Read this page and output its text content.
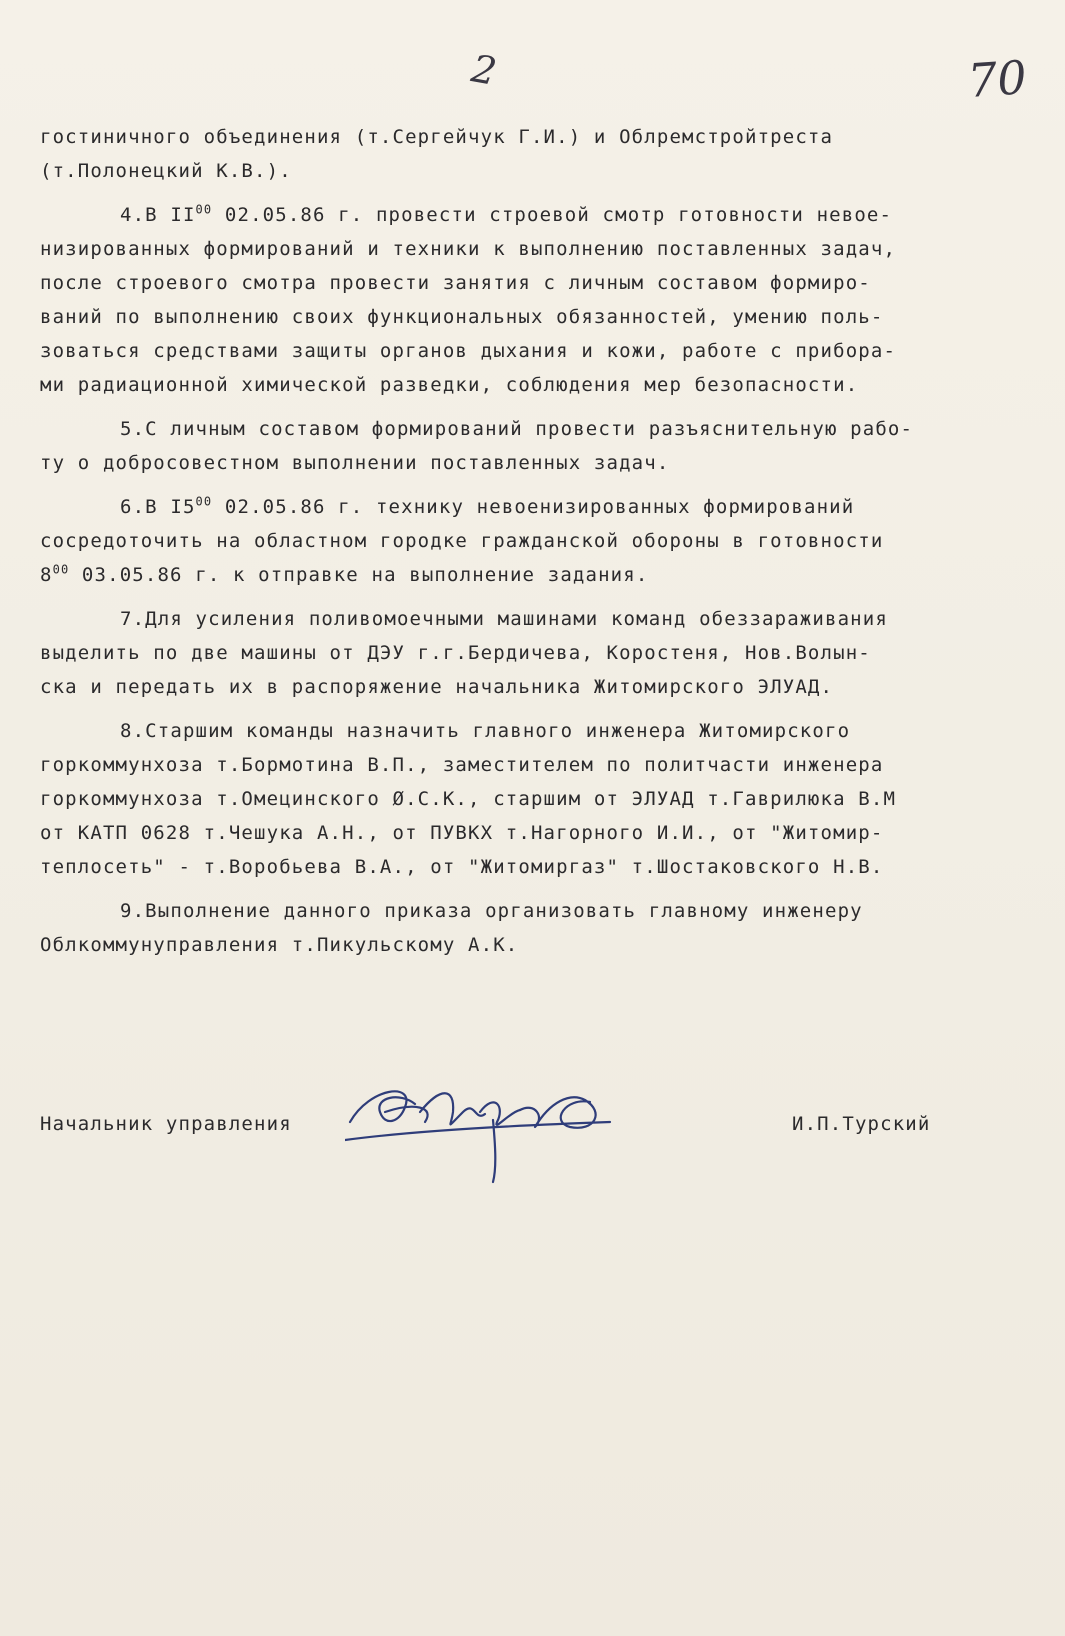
2	70
гостиничного объединения (т.Сергейчук Г.И.) и Облремстройтреста
(т.Полонецкий К.В.).
4.В II$^{00}$ 02.05.86 г. провести строевой смотр готовности невое-
низированных формирований и техники к выполнению поставленных задач,
после строевого смотра провести занятия с личным составом формиро-
ваний по выполнению своих функциональных обязанностей, умению поль-
зоваться средствами защиты органов дыхания и кожи, работе с прибора-
ми радиационной химической разведки, соблюдения мер безопасности.
5.С личным составом формирований провести разъяснительную рабо-
ту о добросовестном выполнении поставленных задач.
6.В $I5^{00}$ 02.05.86 г. технику невоенизированных формирований
сосредоточить на областном городке гражданской обороны в готовности
$8^{00}$ 03.05.86 г. к отправке на выполнение задания.
7.Для усиления поливомоечными машинами команд обеззараживания
выделить по две машины от ДЭУ г.г.Бердичева, Коростеня, Нов.Волын-
ска и передать их в распоряжение начальника Житомирского ЭЛУАД.
8.Старшим команды назначить главного инженера Житомирского
горкоммунхоза т.Бормотина В.П., заместителем по политчасти инженера
горкоммунхоза т.Омецинского Ø.С.К., старшим от ЭЛУАД т.Гаврилюка В.М
от КАТП 0628 т.Чешука А.Н., от ПУВКХ т.Нагорного И.И., от "Житомир-
теплосеть" - т.Воробьева В.А., от "Житомиргаз" т.Шостаковского Н.В.
9.Выполнение данного приказа организовать главному инженеру
Облкоммунуправления т.Пикульскому А.К.
Начальник управления	И.П.Турский
